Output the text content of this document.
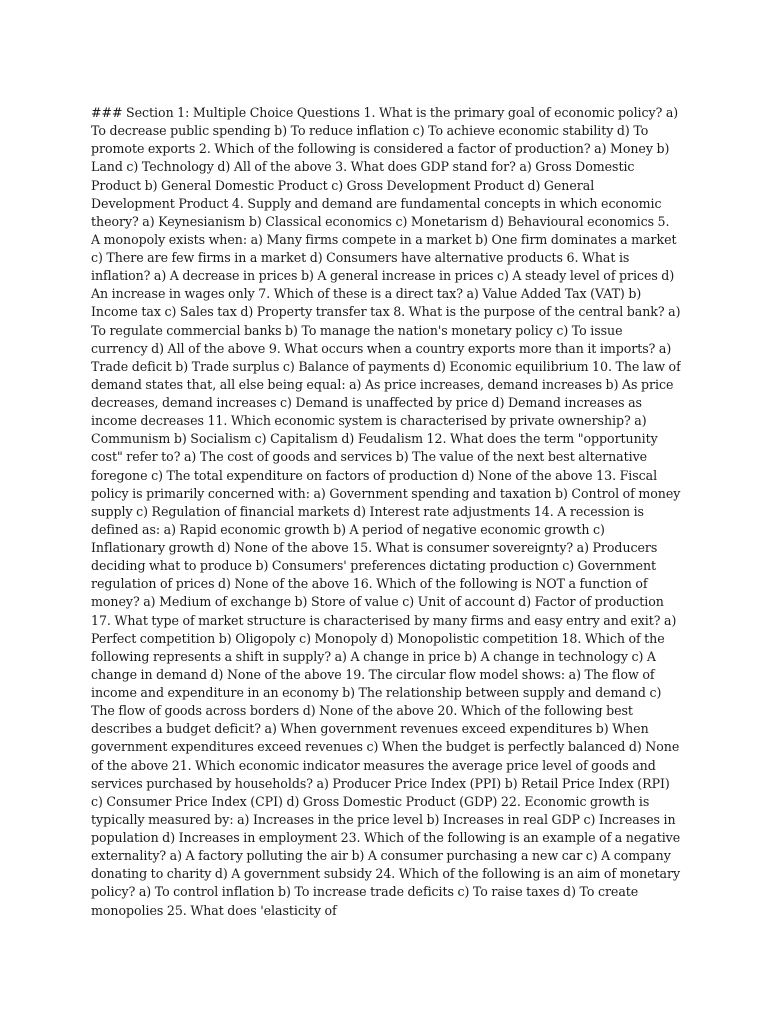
### Section 1: Multiple Choice Questions 1. What is the primary goal of economic policy? a) To decrease public spending b) To reduce inflation c) To achieve economic stability d) To promote exports 2. Which of the following is considered a factor of production? a) Money b) Land c) Technology d) All of the above 3. What does GDP stand for? a) Gross Domestic Product b) General Domestic Product c) Gross Development Product d) General Development Product 4. Supply and demand are fundamental concepts in which economic theory? a) Keynesianism b) Classical economics c) Monetarism d) Behavioural economics 5. A monopoly exists when: a) Many firms compete in a market b) One firm dominates a market c) There are few firms in a market d) Consumers have alternative products 6. What is inflation? a) A decrease in prices b) A general increase in prices c) A steady level of prices d) An increase in wages only 7. Which of these is a direct tax? a) Value Added Tax (VAT) b) Income tax c) Sales tax d) Property transfer tax 8. What is the purpose of the central bank? a) To regulate commercial banks b) To manage the nation's monetary policy c) To issue currency d) All of the above 9. What occurs when a country exports more than it imports? a) Trade deficit b) Trade surplus c) Balance of payments d) Economic equilibrium 10. The law of demand states that, all else being equal: a) As price increases, demand increases b) As price decreases, demand increases c) Demand is unaffected by price d) Demand increases as income decreases 11. Which economic system is characterised by private ownership? a) Communism b) Socialism c) Capitalism d) Feudalism 12. What does the term "opportunity cost" refer to? a) The cost of goods and services b) The value of the next best alternative foregone c) The total expenditure on factors of production d) None of the above 13. Fiscal policy is primarily concerned with: a) Government spending and taxation b) Control of money supply c) Regulation of financial markets d) Interest rate adjustments 14. A recession is defined as: a) Rapid economic growth b) A period of negative economic growth c) Inflationary growth d) None of the above 15. What is consumer sovereignty? a) Producers deciding what to produce b) Consumers' preferences dictating production c) Government regulation of prices d) None of the above 16. Which of the following is NOT a function of money? a) Medium of exchange b) Store of value c) Unit of account d) Factor of production 17. What type of market structure is characterised by many firms and easy entry and exit? a) Perfect competition b) Oligopoly c) Monopoly d) Monopolistic competition 18. Which of the following represents a shift in supply? a) A change in price b) A change in technology c) A change in demand d) None of the above 19. The circular flow model shows: a) The flow of income and expenditure in an economy b) The relationship between supply and demand c) The flow of goods across borders d) None of the above 20. Which of the following best describes a budget deficit? a) When government revenues exceed expenditures b) When government expenditures exceed revenues c) When the budget is perfectly balanced d) None of the above 21. Which economic indicator measures the average price level of goods and services purchased by households? a) Producer Price Index (PPI) b) Retail Price Index (RPI) c) Consumer Price Index (CPI) d) Gross Domestic Product (GDP) 22. Economic growth is typically measured by: a) Increases in the price level b) Increases in real GDP c) Increases in population d) Increases in employment 23. Which of the following is an example of a negative externality? a) A factory polluting the air b) A consumer purchasing a new car c) A company donating to charity d) A government subsidy 24. Which of the following is an aim of monetary policy? a) To control inflation b) To increase trade deficits c) To raise taxes d) To create monopolies 25. What does 'elasticity of
